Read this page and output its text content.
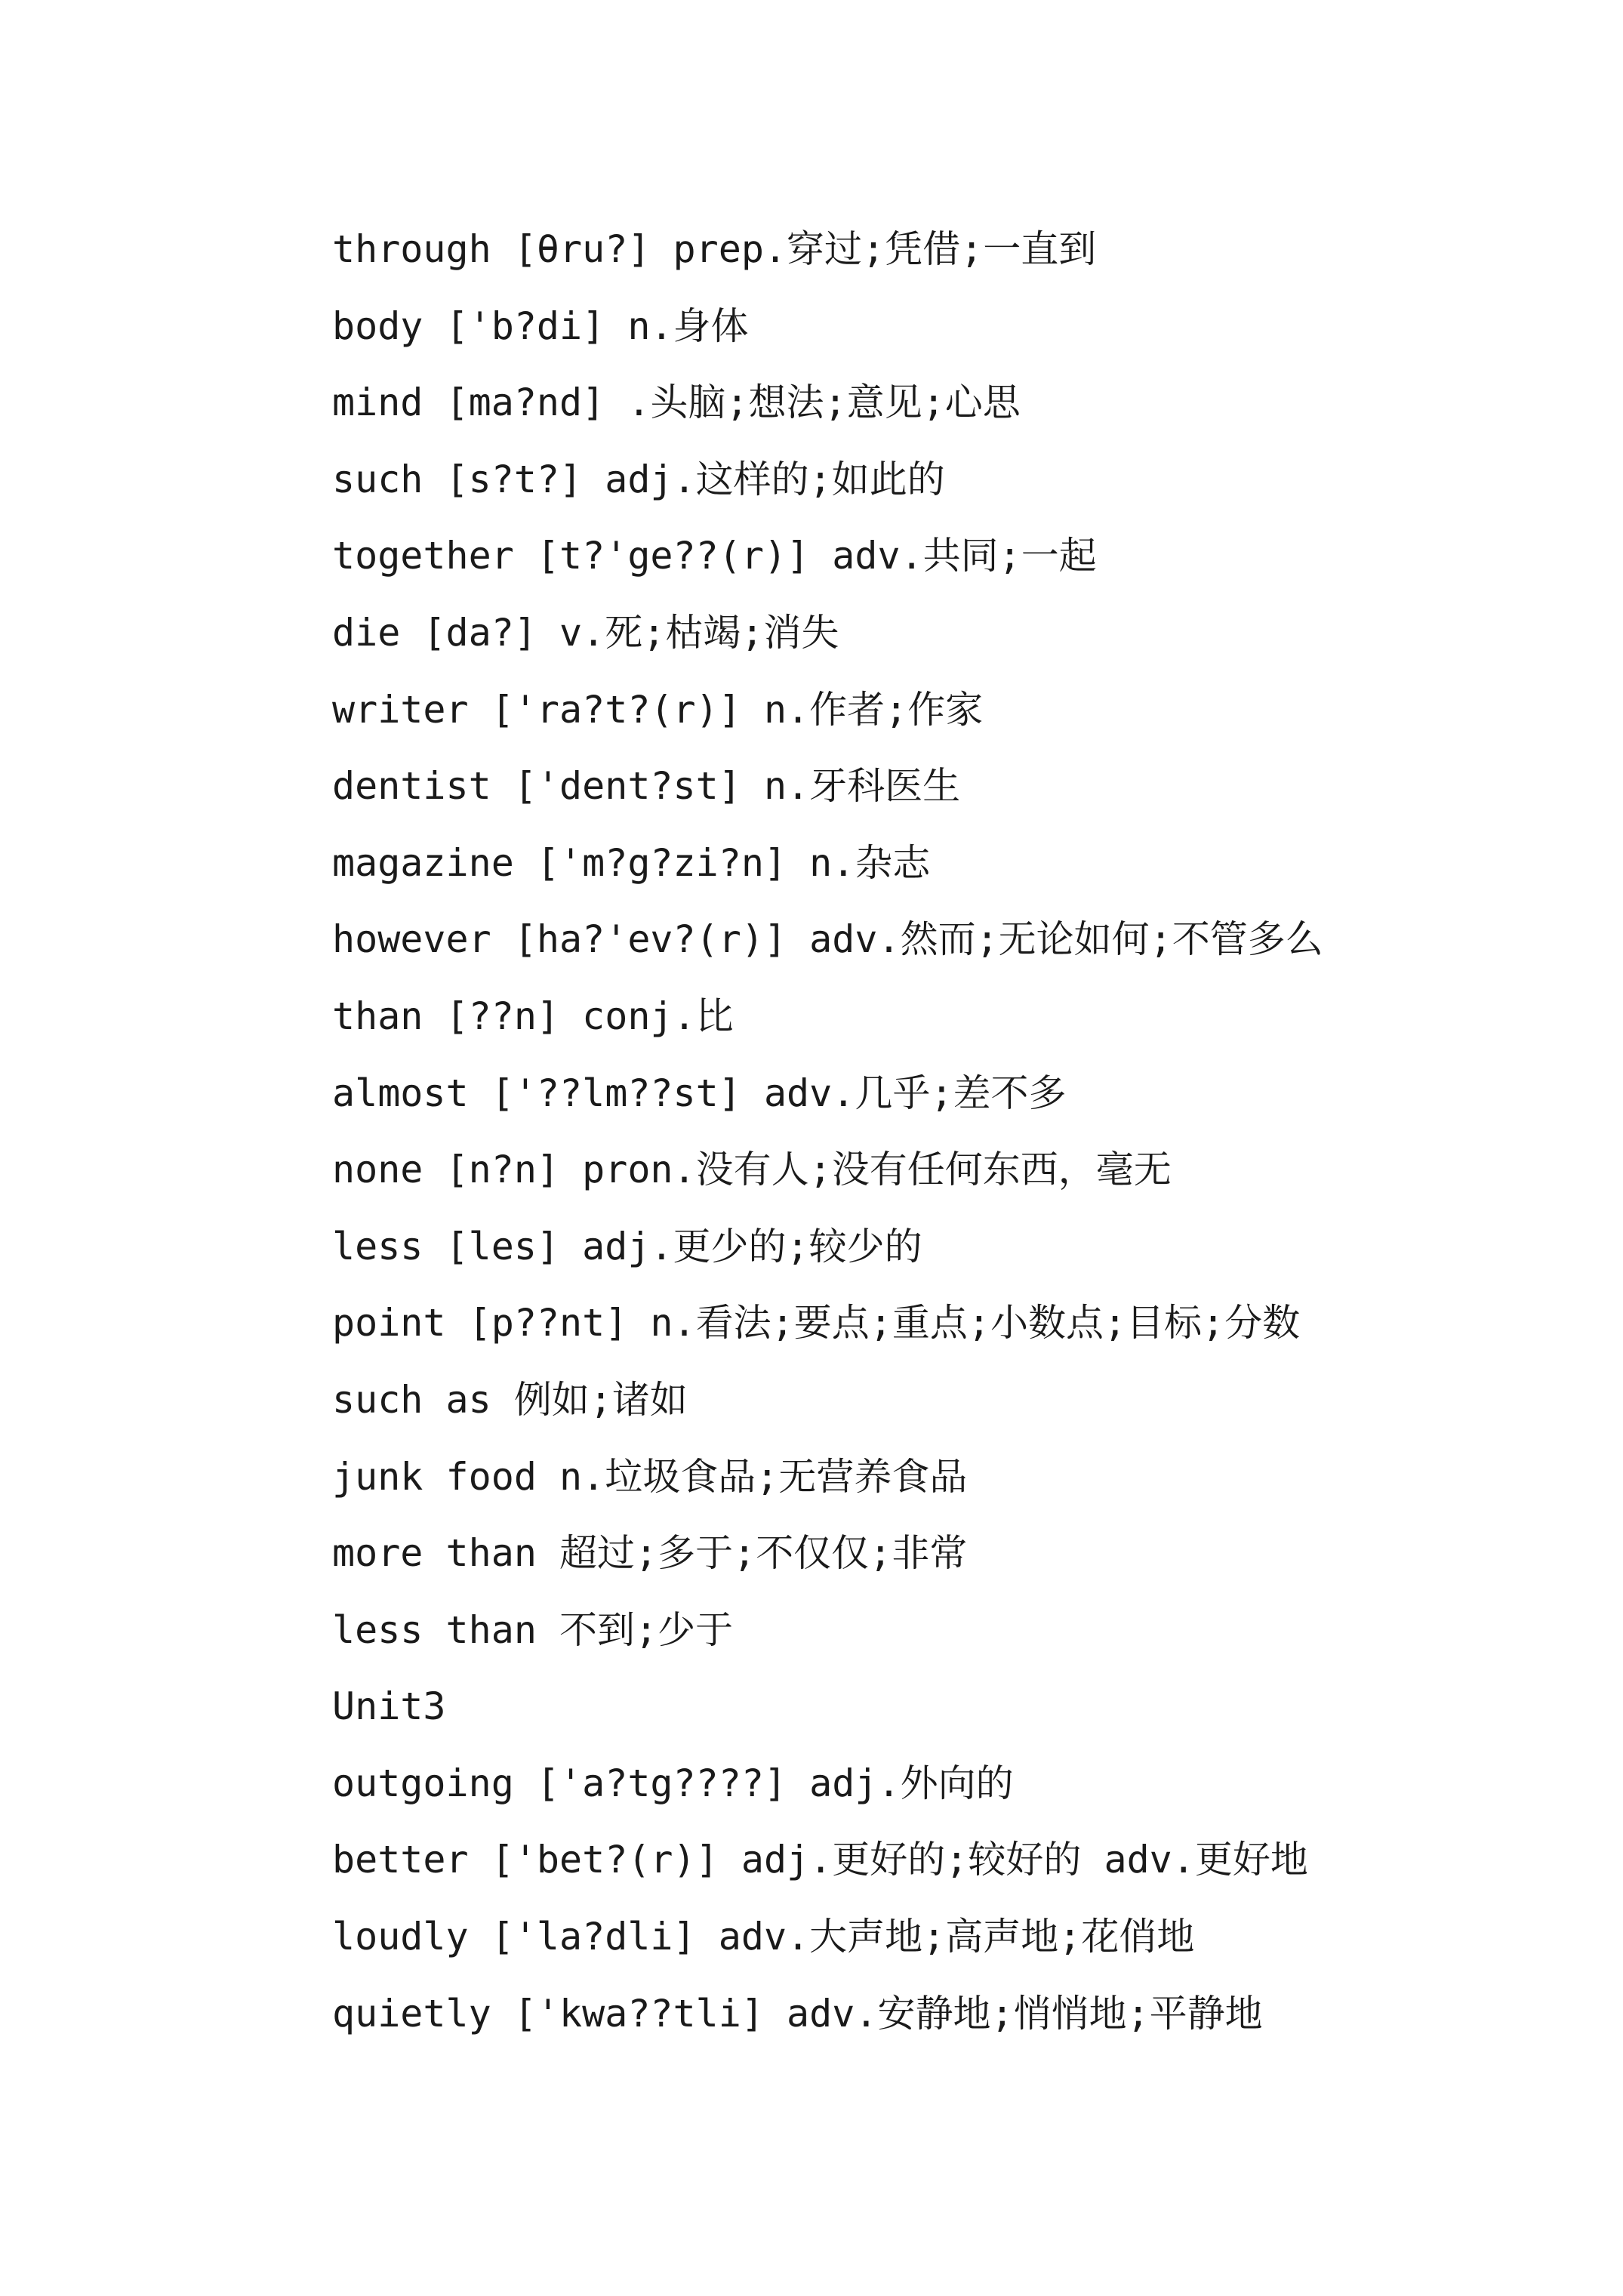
through [θru?] prep.穿过;凭借;一直到
body ['b?di] n.身体
mind [ma?nd] .头脑;想法;意见;心思
such [s?t?] adj.这样的;如此的
together [t?'ge??(r)] adv.共同;一起
die [da?] v.死;枯竭;消失
writer ['ra?t?(r)] n.作者;作家
dentist ['dent?st] n.牙科医生
magazine ['m?g?zi?n] n.杂志
however [ha?'ev?(r)] adv.然而;无论如何;不管多么
than [??n] conj.比
almost ['??lm??st] adv.几乎;差不多
none [n?n] pron.没有人;没有任何东西，毫无
less [les] adj.更少的;较少的
point [p??nt] n.看法;要点;重点;小数点;目标;分数
such as 例如;诸如
junk food n.垃圾食品;无营养食品
more than 超过;多于;不仅仅;非常
less than 不到;少于
Unit3
outgoing ['a?tg????] adj.外向的
better ['bet?(r)] adj.更好的;较好的 adv.更好地
loudly ['la?dli] adv.大声地;高声地;花俏地
quietly ['kwa??tli] adv.安静地;悄悄地;平静地
